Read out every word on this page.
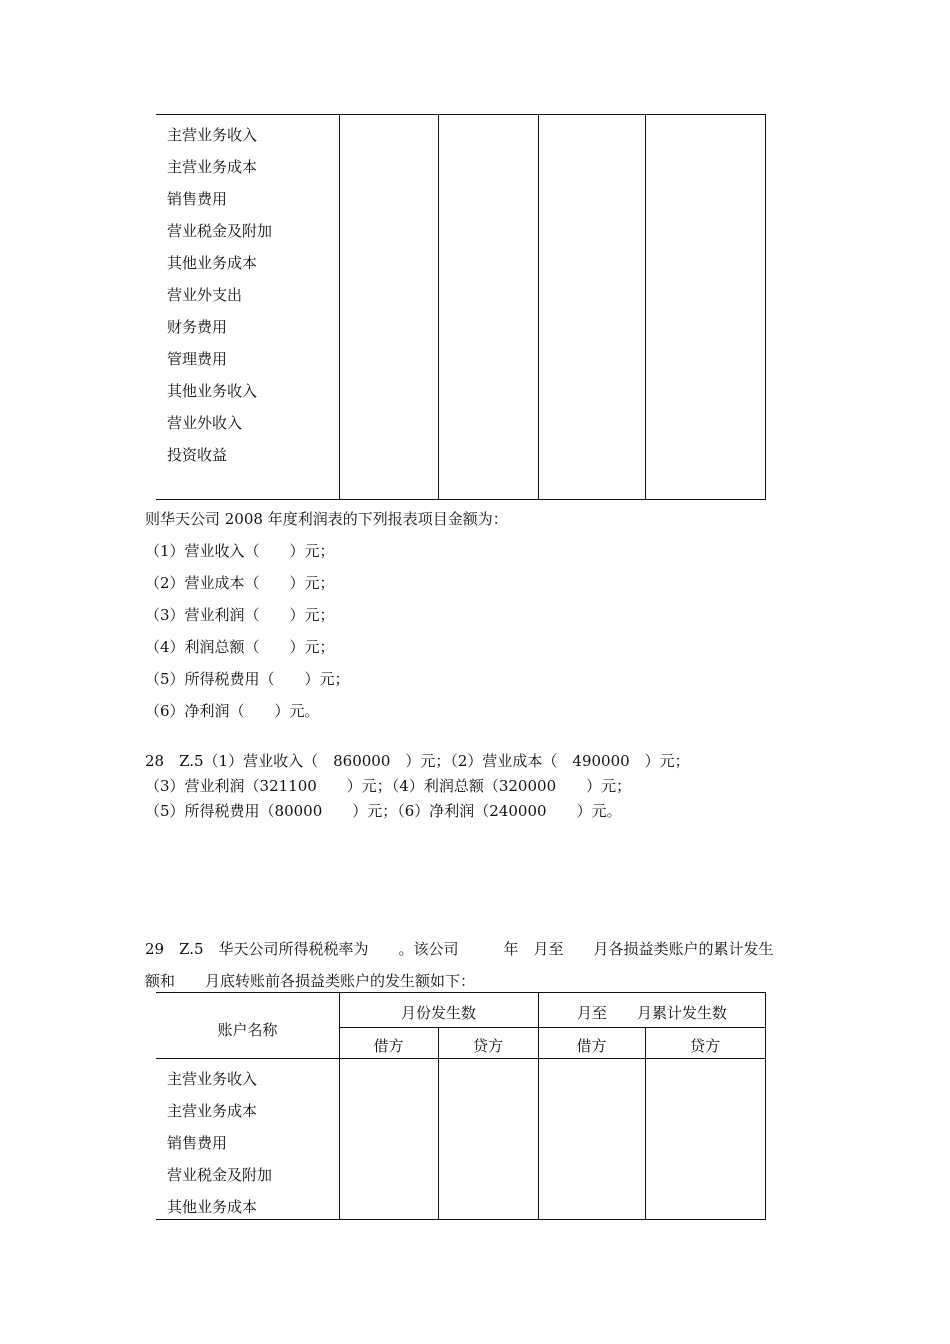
主营业务收入
主营业务成本
销售费用
营业税金及附加
其他业务成本
营业外支出
财务费用
管理费用
其他业务收入
营业外收入
投资收益
则华天公司 2008 年度利润表的下列报表项目金额为：
（1）营业收入（　　）元；
（2）营业成本（　　）元；
（3）营业利润（　　）元；
（4）利润总额（　　）元；
（5）所得税费用（　　）元；
（6）净利润（　　）元。
28　Z.5（1）营业收入（　860000　）元；（2）营业成本（　490000　）元；
（3）营业利润（321100　　）元；（4）利润总额（320000　　）元；
（5）所得税费用（80000　　）元；（6）净利润（240000　　）元。
29　Z.5　华天公司所得税税率为　　。该公司　　　年　月至　　月各损益类账户的累计发生
额和　　月底转账前各损益类账户的发生额如下：
账户名称
月份发生数	月至　　月累计发生数
借方	贷方	借方	贷方
主营业务收入
主营业务成本
销售费用
营业税金及附加
其他业务成本
